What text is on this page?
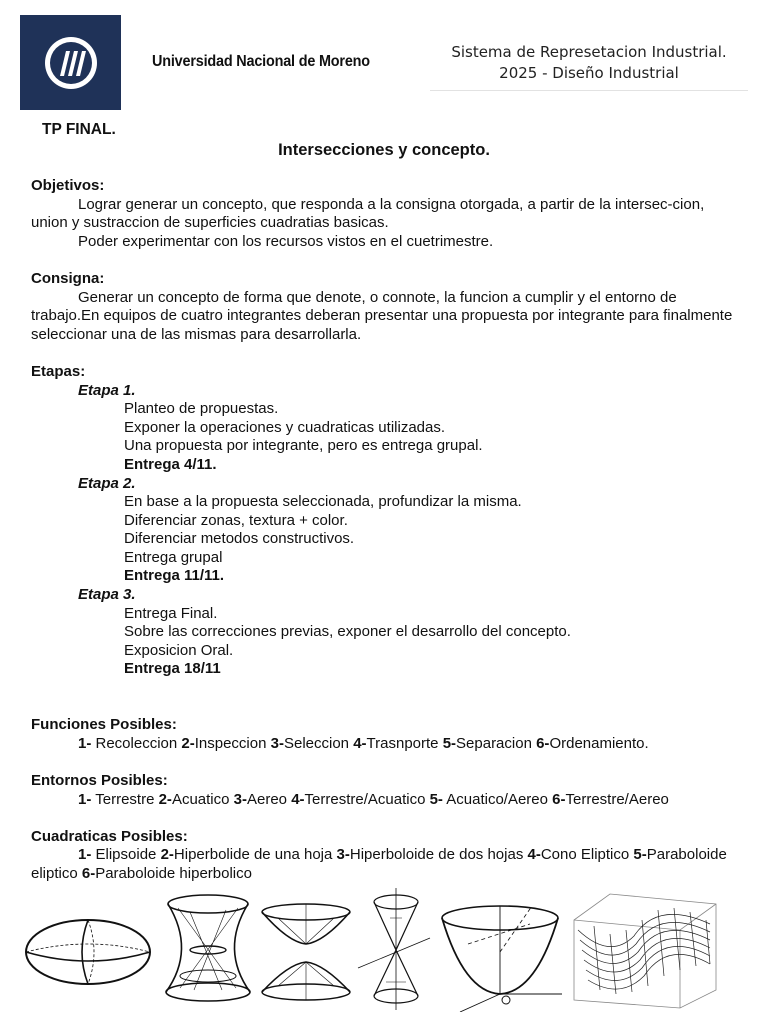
Universidad Nacional de Moreno
Sistema de Represetacion Industrial.
2025 - Diseño Industrial
TP FINAL.
Intersecciones y concepto.
Objetivos:
Lograr generar un concepto, que responda a la consigna otorgada, a partir de la intersec-cion, union y sustraccion de superficies cuadratias basicas.
Poder experimentar con los recursos vistos en el cuetrimestre.
Consigna:
Generar un concepto de forma que denote, o connote, la funcion a cumplir y el entorno de trabajo.En equipos de cuatro integrantes deberan presentar una propuesta por integrante para finalmente seleccionar una de las mismas para desarrollarla.
Etapas:
Etapa 1.
Planteo de propuestas.
Exponer la operaciones y cuadraticas utilizadas.
Una propuesta por integrante, pero es entrega grupal.
Entrega 4/11.
Etapa 2.
En base a la propuesta seleccionada, profundizar la misma.
Diferenciar zonas, textura + color.
Diferenciar metodos constructivos.
Entrega grupal
Entrega 11/11.
Etapa 3.
Entrega Final.
Sobre las correcciones previas, exponer el desarrollo del concepto.
Exposicion Oral.
Entrega 18/11
Funciones Posibles:
1- Recoleccion 2-Inspeccion 3-Seleccion 4-Trasnporte 5-Separacion 6-Ordenamiento.
Entornos Posibles:
1- Terrestre 2-Acuatico 3-Aereo 4-Terrestre/Acuatico 5- Acuatico/Aereo 6-Terrestre/Aereo
Cuadraticas Posibles:
1- Elipsoide 2-Hiperbolide de una hoja 3-Hiperboloide de dos hojas 4-Cono Eliptico 5-Paraboloide eliptico 6-Paraboloide hiperbolico
